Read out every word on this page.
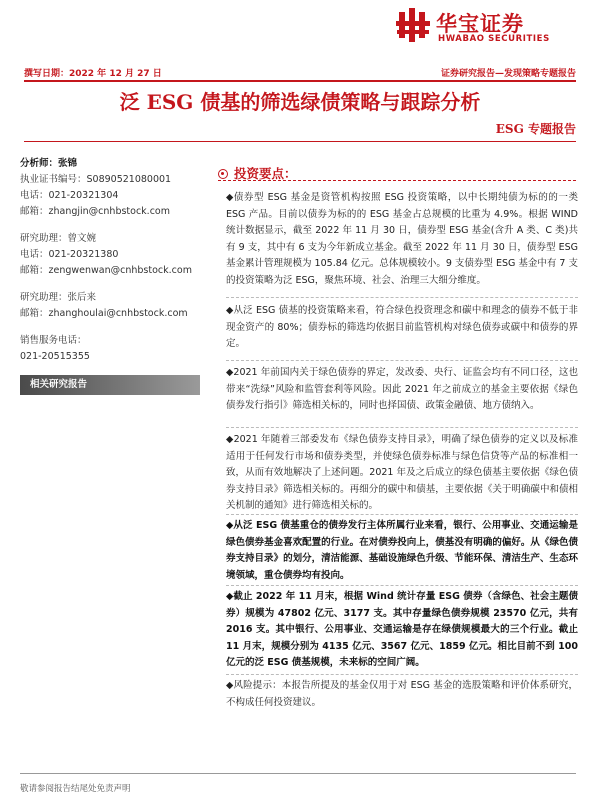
华宝证券
HWABAO SECURITIES
撰写日期：2022 年 12 月 27 日	证券研究报告—发现策略专题报告
泛 ESG 债基的筛选绿债策略与跟踪分析
ESG 专题报告
分析师：张锦
执业证书编号：S0890521080001
电话：021-20321304
邮箱：zhangjin@cnhbstock.com
研究助理：曾文婉
电话：021-20321380
邮箱：zengwenwan@cnhbstock.com
研究助理：张后来
邮箱：zhanghoulai@cnhbstock.com
销售服务电话：
021-20515355
相关研究报告
投资要点：
◆债券型 ESG 基金是资管机构按照 ESG 投资策略，以中长期纯债为标的的一类 ESG 产品。目前以债券为标的的 ESG 基金占总规模的比重为 4.9%。根据 WIND 统计数据显示，截至 2022 年 11 月 30 日，债券型 ESG 基金(含升 A 类、C 类)共有 9 支，其中有 6 支为今年新成立基金。截至 2022 年 11 月 30 日，债券型 ESG 基金累计管理规模为 105.84 亿元。总体规模较小。9 支债券型 ESG 基金中有 7 支的投资策略为泛 ESG，聚焦环境、社会、治理三大细分维度。
◆从泛 ESG 债基的投资策略来看，符合绿色投资理念和碳中和理念的债券不低于非现金资产的 80%；债券标的筛选均依据目前监管机构对绿色债券或碳中和债券的界定。
◆2021 年前国内关于绿色债券的界定，发改委、央行、证监会均有不同口径，这也带来“洗绿”风险和监管套利等风险。因此 2021 年之前成立的基金主要依据《绿色债券发行指引》筛选相关标的，同时也择国债、政策金融债、地方债纳入。
◆2021 年随着三部委发布《绿色债券支持目录》，明确了绿色债券的定义以及标准适用于任何发行市场和债券类型，并使绿色债券标准与绿色信贷等产品的标准相一致，从而有效地解决了上述问题。2021 年及之后成立的绿色债基主要依据《绿色债券支持目录》筛选相关标的。再细分的碳中和债基，主要依据《关于明确碳中和债相关机制的通知》进行筛选相关标的。
◆从泛 ESG 债基重仓的债券发行主体所属行业来看，银行、公用事业、交通运输是绿色债券基金喜欢配置的行业。在对债券投向上，债基没有明确的偏好。从《绿色债券支持目录》的划分，清洁能源、基础设施绿色升级、节能环保、清洁生产、生态环境领域，重仓债券均有投向。
◆截止 2022 年 11 月末，根据 Wind 统计存量 ESG 债券（含绿色、社会主题债券）规模为 47802 亿元、3177 支。其中存量绿色债券规模 23570 亿元，共有 2016 支。其中银行、公用事业、交通运输是存在绿债规模最大的三个行业。截止 11 月末，规模分别为 4135 亿元、3567 亿元、1859 亿元。相比目前不到 100 亿元的泛 ESG 债基规模，未来标的空间广阔。
◆风险提示：本报告所提及的基金仅用于对 ESG 基金的选股策略和评价体系研究，不构成任何投资建议。
敬请参阅报告结尾处免责声明
